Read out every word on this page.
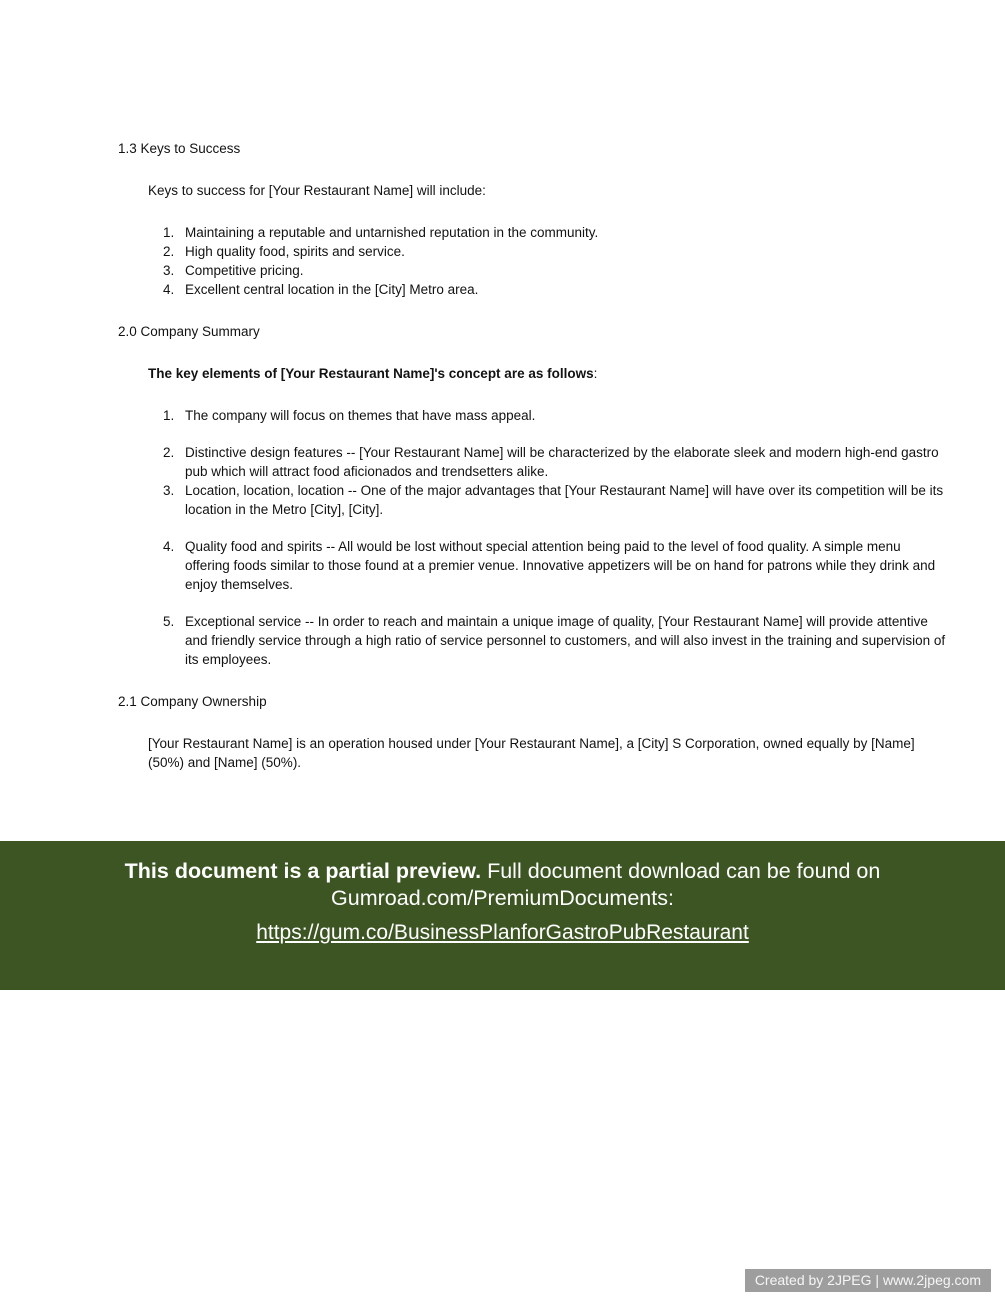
1.3 Keys to Success

Keys to success for [Your Restaurant Name] will include:

1. Maintaining a reputable and untarnished reputation in the community.
2. High quality food, spirits and service.
3. Competitive pricing.
4. Excellent central location in the [City] Metro area.

2.0 Company Summary

The key elements of [Your Restaurant Name]'s concept are as follows:

1. The company will focus on themes that have mass appeal.
2. Distinctive design features -- [Your Restaurant Name] will be characterized by the elaborate sleek and modern high-end gastro pub which will attract food aficionados and trendsetters alike.
3. Location, location, location -- One of the major advantages that [Your Restaurant Name] will have over its competition will be its location in the Metro [City], [City].
4. Quality food and spirits -- All would be lost without special attention being paid to the level of food quality. A simple menu offering foods similar to those found at a premier venue. Innovative appetizers will be on hand for patrons while they drink and enjoy themselves.
5. Exceptional service -- In order to reach and maintain a unique image of quality, [Your Restaurant Name] will provide attentive and friendly service through a high ratio of service personnel to customers, and will also invest in the training and supervision of its employees.

2.1 Company Ownership

[Your Restaurant Name] is an operation housed under [Your Restaurant Name], a [City] S Corporation, owned equally by [Name] (50%) and [Name] (50%).

This document is a partial preview. Full document download can be found on Gumroad.com/PremiumDocuments:

https://gum.co/BusinessPlanforGastroPubRestaurant

Created by 2JPEG | www.2jpeg.com
